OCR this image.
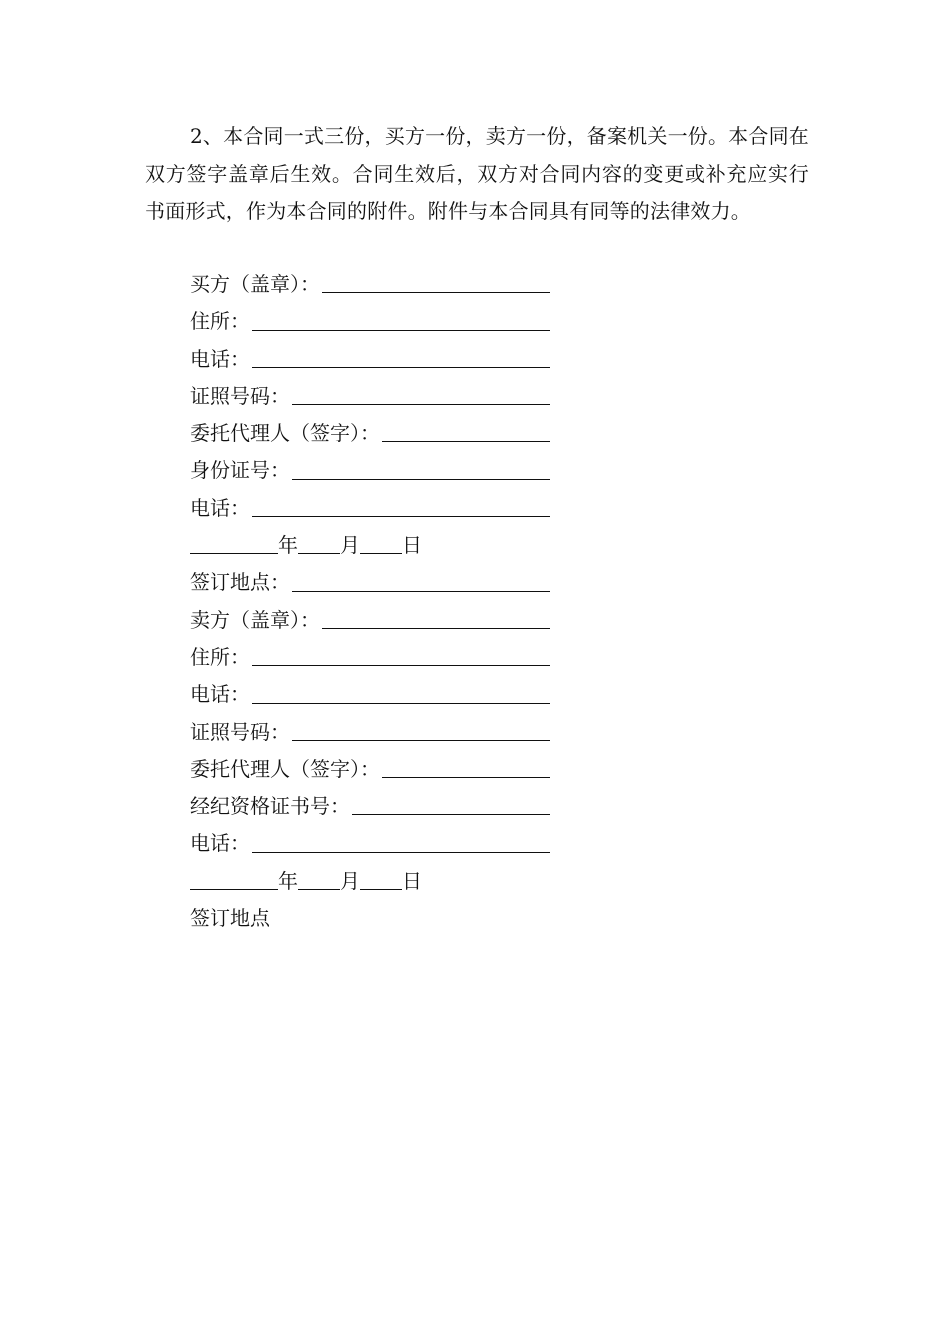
2、本合同一式三份，买方一份，卖方一份，备案机关一份。本合同在双方签字盖章后生效。合同生效后，双方对合同内容的变更或补充应实行书面形式，作为本合同的附件。附件与本合同具有同等的法律效力。

买方（盖章）：
住所：
电话：
证照号码：
委托代理人（签字）：
身份证号：
电话：
年 月 日
签订地点：
卖方（盖章）：
住所：
电话：
证照号码：
委托代理人（签字）：
经纪资格证书号：
电话：
年 月 日
签订地点
